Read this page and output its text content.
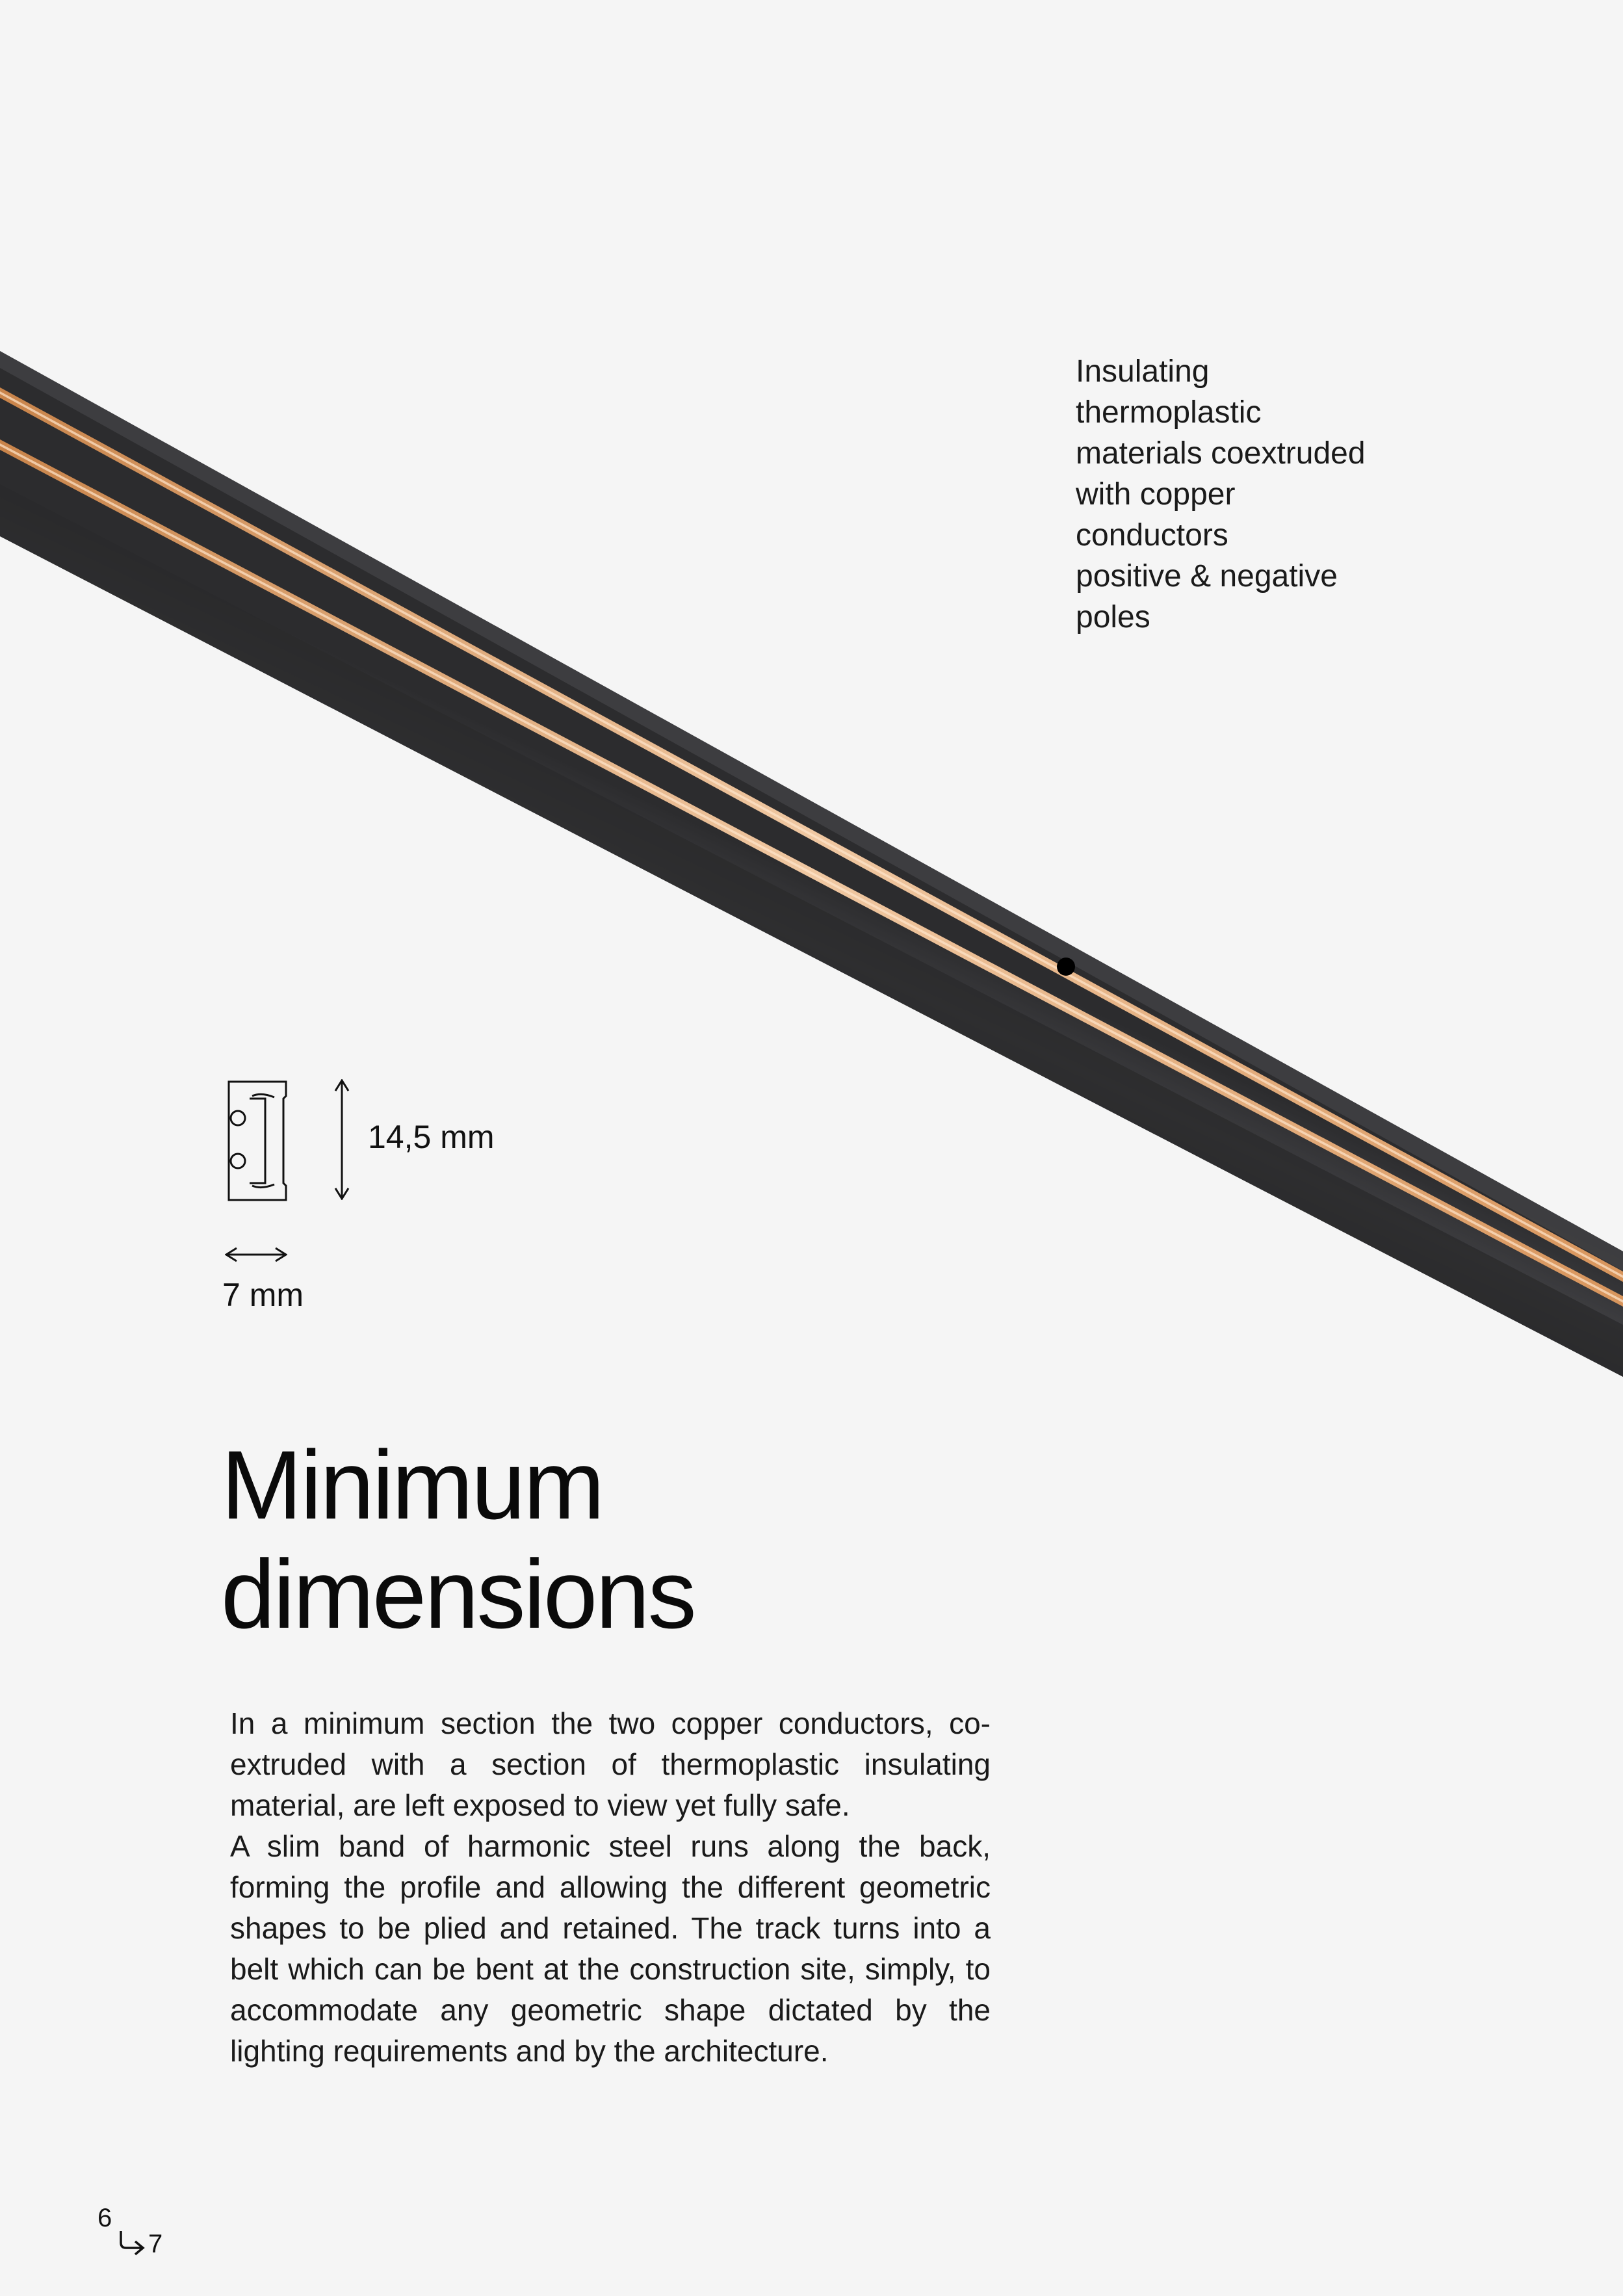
Insulating
thermoplastic
materials coextruded
with copper
conductors
positive & negative
poles
14,5 mm
7 mm
Minimum
dimensions

In a minimum section the two copper conductors, co-extruded with a section of thermoplastic insulating material, are left exposed to view yet fully safe.

A slim band of harmonic steel runs along the back, forming the profile and allowing the different geometric shapes to be plied and retained. The track turns into a belt which can be bent at the construction site, simply, to accommodate any geometric shape dictated by the lighting requirements and by the architecture.

6
7
